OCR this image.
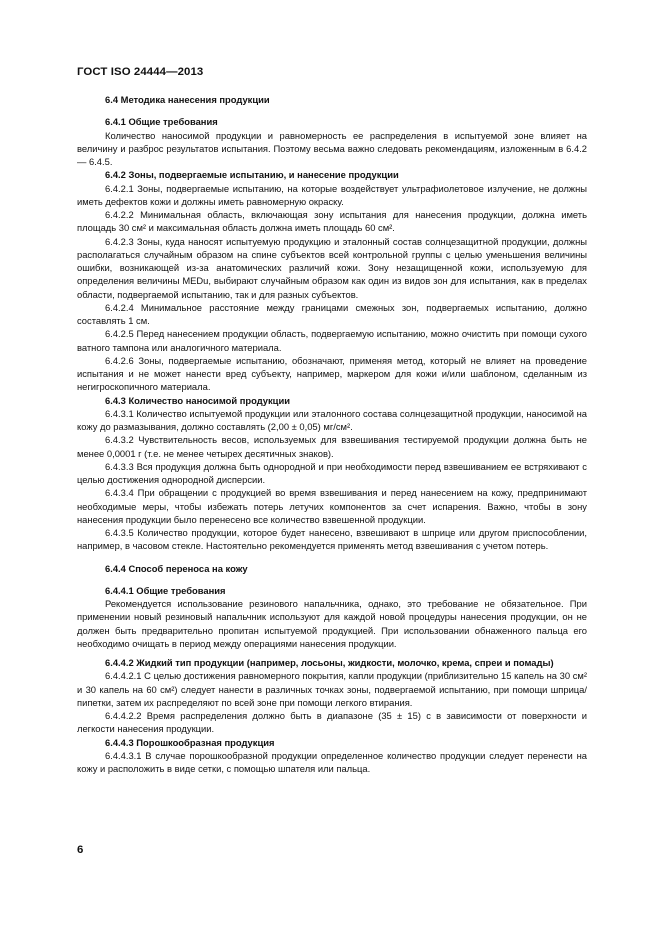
ГОСТ ISO 24444—2013

6.4 Методика нанесения продукции

6.4.1 Общие требования

Количество наносимой продукции и равномерность ее распределения в испытуемой зоне влияет на величину и разброс результатов испытания. Поэтому весьма важно следовать рекомендациям, изложенным в 6.4.2 — 6.4.5.

6.4.2 Зоны, подвергаемые испытанию, и нанесение продукции

6.4.2.1 Зоны, подвергаемые испытанию, на которые воздействует ультрафиолетовое излучение, не должны иметь дефектов кожи и должны иметь равномерную окраску.

6.4.2.2 Минимальная область, включающая зону испытания для нанесения продукции, должна иметь площадь 30 см² и максимальная область должна иметь площадь 60 см².

6.4.2.3 Зоны, куда наносят испытуемую продукцию и эталонный состав солнцезащитной продукции, должны располагаться случайным образом на спине субъектов всей контрольной группы с целью уменьшения величины ошибки, возникающей из-за анатомических различий кожи. Зону незащищенной кожи, используемую для определения величины MEDu, выбирают случайным образом как один из видов зон для испытания, как в пределах области, подвергаемой испытанию, так и для разных субъектов.

6.4.2.4 Минимальное расстояние между границами смежных зон, подвергаемых испытанию, должно составлять 1 см.

6.4.2.5 Перед нанесением продукции область, подвергаемую испытанию, можно очистить при помощи сухого ватного тампона или аналогичного материала.

6.4.2.6 Зоны, подвергаемые испытанию, обозначают, применяя метод, который не влияет на проведение испытания и не может нанести вред субъекту, например, маркером для кожи и/или шаблоном, сделанным из негигроскопичного материала.

6.4.3 Количество наносимой продукции

6.4.3.1 Количество испытуемой продукции или эталонного состава солнцезащитной продукции, наносимой на кожу до размазывания, должно составлять (2,00 ± 0,05) мг/см².

6.4.3.2 Чувствительность весов, используемых для взвешивания тестируемой продукции должна быть не менее 0,0001 г (т.е. не менее четырех десятичных знаков).

6.4.3.3 Вся продукция должна быть однородной и при необходимости перед взвешиванием ее встряхивают с целью достижения однородной дисперсии.

6.4.3.4 При обращении с продукцией во время взвешивания и перед нанесением на кожу, предпринимают необходимые меры, чтобы избежать потерь летучих компонентов за счет испарения. Важно, чтобы в зону нанесения продукции было перенесено все количество взвешенной продукции.

6.4.3.5 Количество продукции, которое будет нанесено, взвешивают в шприце или другом приспособлении, например, в часовом стекле. Настоятельно рекомендуется применять метод взвешивания с учетом потерь.

6.4.4 Способ переноса на кожу

6.4.4.1 Общие требования

Рекомендуется использование резинового напальчника, однако, это требование не обязательное. При применении новый резиновый напальчник используют для каждой новой процедуры нанесения продукции, он не должен быть предварительно пропитан испытуемой продукцией. При использовании обнаженного пальца его необходимо очищать в период между операциями нанесения продукции.

6.4.4.2 Жидкий тип продукции (например, лосьоны, жидкости, молочко, крема, спреи и помады)

6.4.4.2.1 С целью достижения равномерного покрытия, капли продукции (приблизительно 15 капель на 30 см² и 30 капель на 60 см²) следует нанести в различных точках зоны, подвергаемой испытанию, при помощи шприца/пипетки, затем их распределяют по всей зоне при помощи легкого втирания.

6.4.4.2.2 Время распределения должно быть в диапазоне (35 ± 15) с в зависимости от поверхности и легкости нанесения продукции.

6.4.4.3 Порошкообразная продукция

6.4.4.3.1 В случае порошкообразной продукции определенное количество продукции следует перенести на кожу и расположить в виде сетки, с помощью шпателя или пальца.

6
